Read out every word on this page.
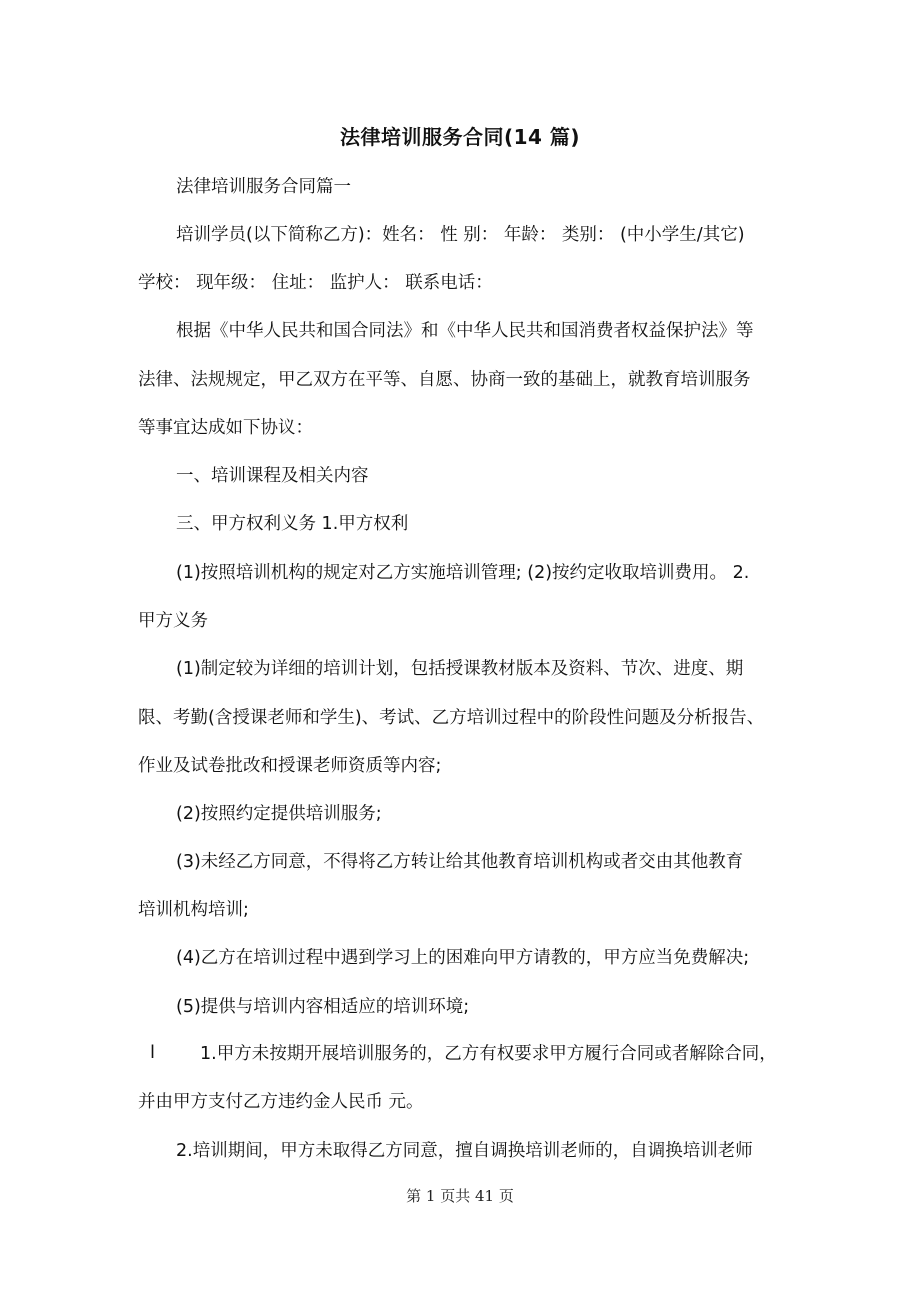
法律培训服务合同(14 篇)
法律培训服务合同篇一
培训学员(以下简称乙方)：姓名： 性 别： 年龄： 类别： (中小学生/其它)
学校： 现年级： 住址： 监护人： 联系电话：
根据《中华人民共和国合同法》和《中华人民共和国消费者权益保护法》等
法律、法规规定，甲乙双方在平等、自愿、协商一致的基础上，就教育培训服务
等事宜达成如下协议：
一、培训课程及相关内容
三、甲方权利义务 1.甲方权利
(1)按照培训机构的规定对乙方实施培训管理; (2)按约定收取培训费用。 2.
甲方义务
(1)制定较为详细的培训计划，包括授课教材版本及资料、节次、进度、期
限、考勤(含授课老师和学生)、考试、乙方培训过程中的阶段性问题及分析报告、
作业及试卷批改和授课老师资质等内容;
(2)按照约定提供培训服务;
(3)未经乙方同意，不得将乙方转让给其他教育培训机构或者交由其他教育
培训机构培训;
(4)乙方在培训过程中遇到学习上的困难向甲方请教的，甲方应当免费解决;
(5)提供与培训内容相适应的培训环境;
l	1.甲方未按期开展培训服务的，乙方有权要求甲方履行合同或者解除合同，
并由甲方支付乙方违约金人民币 元。
2.培训期间，甲方未取得乙方同意，擅自调换培训老师的，自调换培训老师
第 1 页共 41 页
